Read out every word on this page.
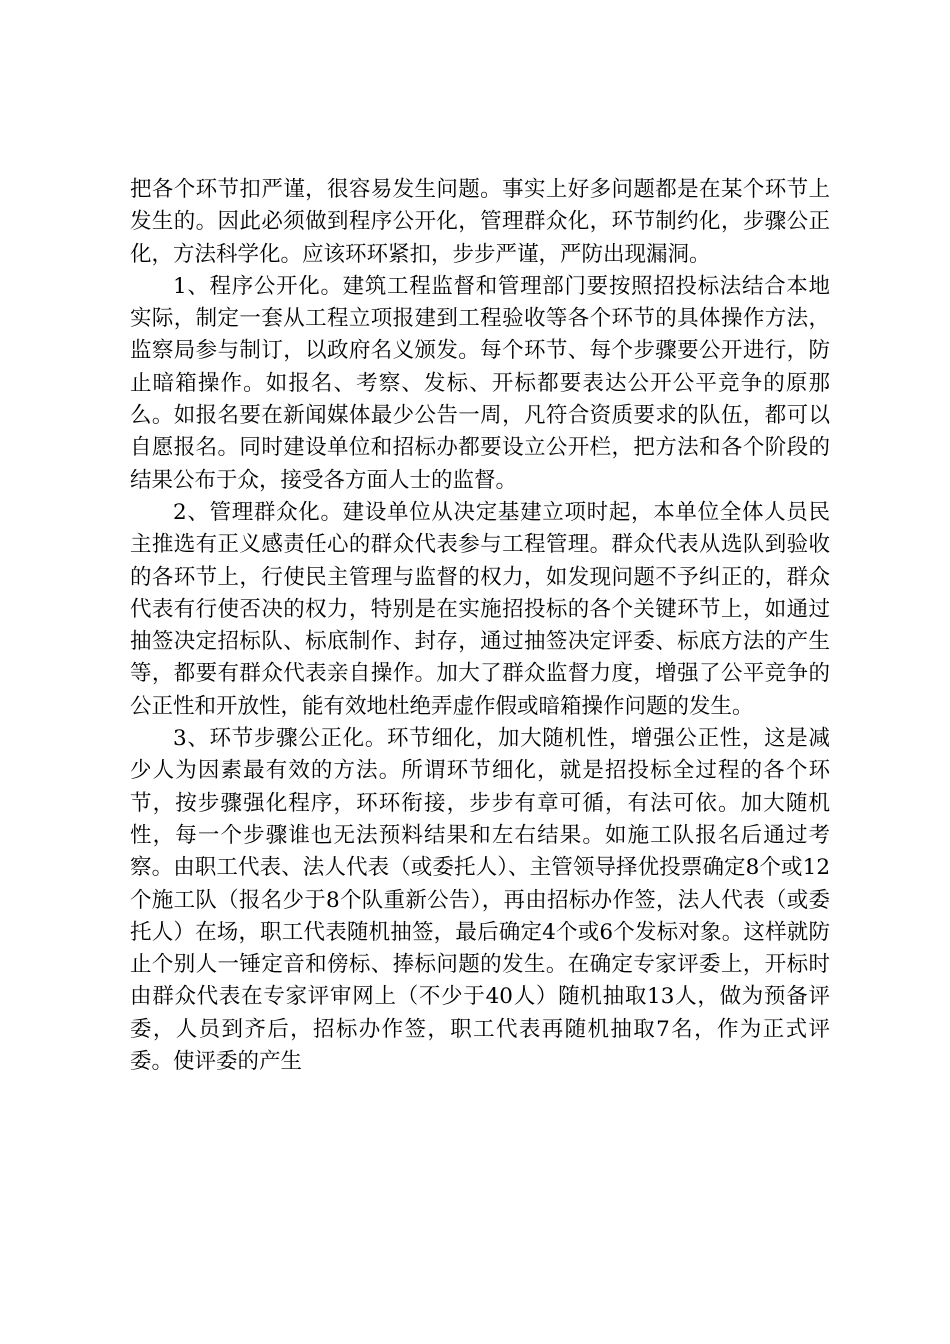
把各个环节扣严谨，很容易发生问题。事实上好多问题都是在某个环节上发生的。因此必须做到程序公开化，管理群众化，环节制约化，步骤公正化，方法科学化。应该环环紧扣，步步严谨，严防出现漏洞。

1、程序公开化。建筑工程监督和管理部门要按照招投标法结合本地实际，制定一套从工程立项报建到工程验收等各个环节的具体操作方法，监察局参与制订，以政府名义颁发。每个环节、每个步骤要公开进行，防止暗箱操作。如报名、考察、发标、开标都要表达公开公平竞争的原那么。如报名要在新闻媒体最少公告一周，凡符合资质要求的队伍，都可以自愿报名。同时建设单位和招标办都要设立公开栏，把方法和各个阶段的结果公布于众，接受各方面人士的监督。

2、管理群众化。建设单位从决定基建立项时起，本单位全体人员民主推选有正义感责任心的群众代表参与工程管理。群众代表从选队到验收的各环节上，行使民主管理与监督的权力，如发现问题不予纠正的，群众代表有行使否决的权力，特别是在实施招投标的各个关键环节上，如通过抽签决定招标队、标底制作、封存，通过抽签决定评委、标底方法的产生等，都要有群众代表亲自操作。加大了群众监督力度，增强了公平竞争的公正性和开放性，能有效地杜绝弄虚作假或暗箱操作问题的发生。

3、环节步骤公正化。环节细化，加大随机性，增强公正性，这是减少人为因素最有效的方法。所谓环节细化，就是招投标全过程的各个环节，按步骤强化程序，环环衔接，步步有章可循，有法可依。加大随机性，每一个步骤谁也无法预料结果和左右结果。如施工队报名后通过考察。由职工代表、法人代表（或委托人）、主管领导择优投票确定8个或12个施工队（报名少于8个队重新公告），再由招标办作签，法人代表（或委托人）在场，职工代表随机抽签，最后确定4个或6个发标对象。这样就防止个别人一锤定音和傍标、捧标问题的发生。在确定专家评委上，开标时由群众代表在专家评审网上（不少于40人）随机抽取13人，做为预备评委，人员到齐后，招标办作签，职工代表再随机抽取7名，作为正式评委。使评委的产生
